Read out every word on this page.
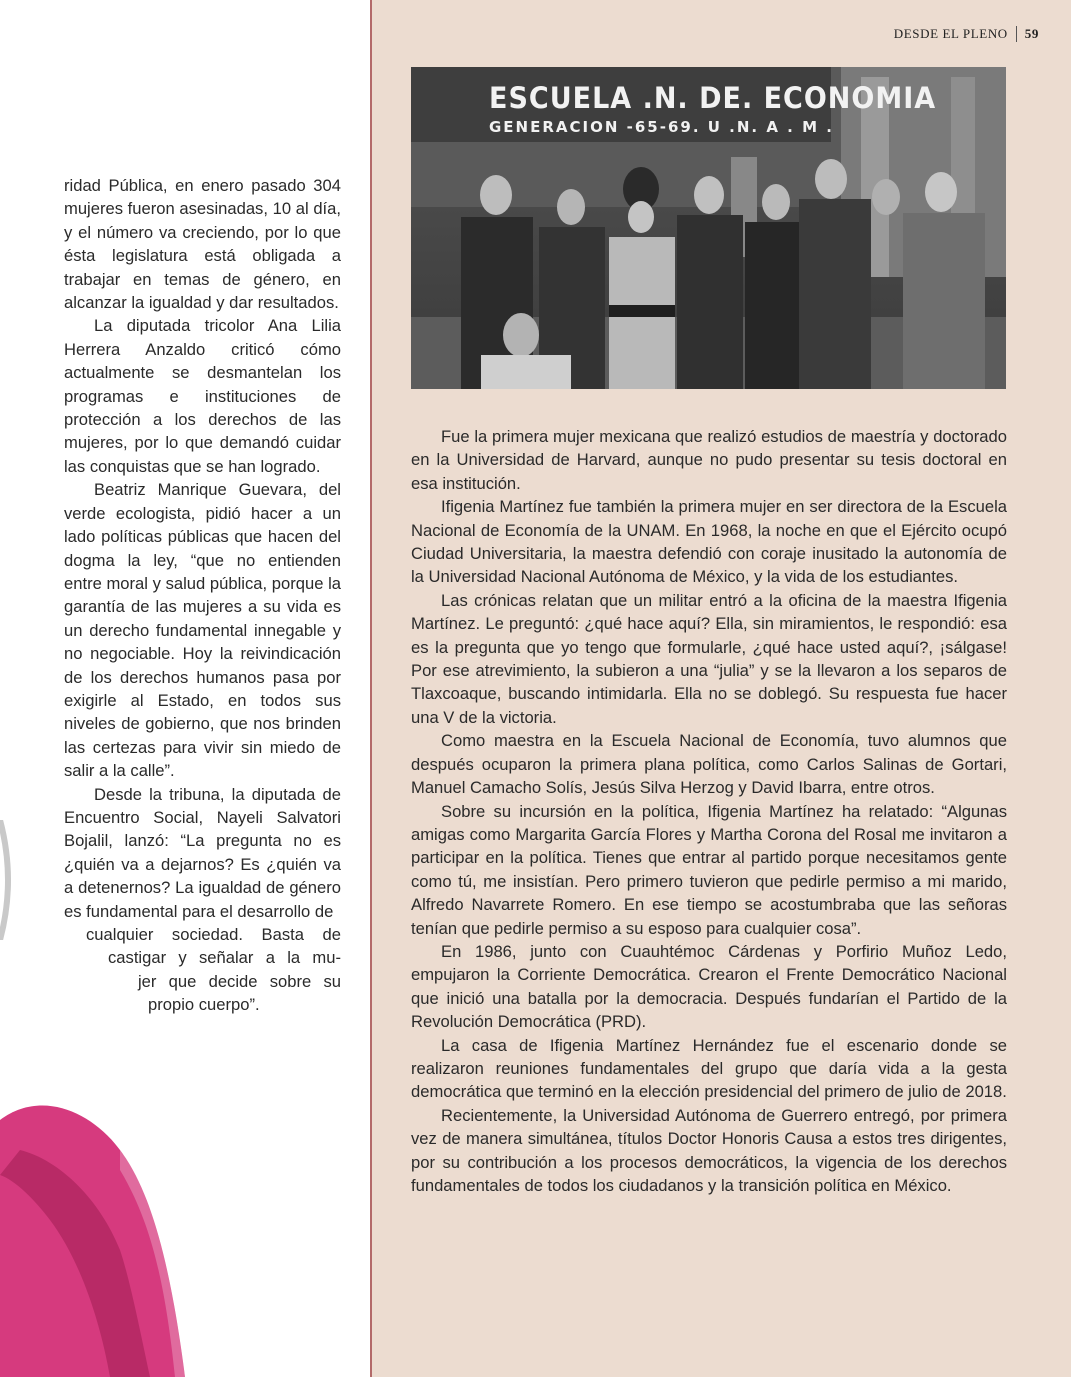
DESDE EL PLENO 59
ESCUELA .N. DE. ECONOMIA
GENERACION -65-69. U .N. A . M .

ridad Pública, en enero pasado 304 mujeres fueron asesinadas, 10 al día, y el número va creciendo, por lo que ésta legislatura está obligada a trabajar en temas de género, en alcanzar la igualdad y dar resultados.

La diputada tricolor Ana Lilia Herrera Anzaldo criticó cómo actualmente se desmantelan los programas e instituciones de protección a los derechos de las mujeres, por lo que demandó cuidar las conquistas que se han logrado.

Beatriz Manrique Guevara, del verde ecologista, pidió hacer a un lado políticas públicas que hacen del dogma la ley, “que no entienden entre moral y salud pública, porque la garantía de las mujeres a su vida es un derecho fundamental innegable y no negociable. Hoy la reivindicación de los derechos humanos pasa por exigirle al Estado, en todos sus niveles de gobierno, que nos brinden las certezas para vivir sin miedo de salir a la calle”.

Desde la tribuna, la diputada de Encuentro Social, Nayeli Salvatori Bojalil, lanzó: “La pregunta no es ¿quién va a dejarnos? Es ¿quién va a detenernos? La igualdad de género es fundamental para el desarrollo de

cualquier sociedad. Basta de
castigar y señalar a la mu-
jer que decide sobre su
propio cuerpo”.

Fue la primera mujer mexicana que realizó estudios de maestría y doctorado en la Universidad de Harvard, aunque no pudo presentar su tesis doctoral en esa institución.

Ifigenia Martínez fue también la primera mujer en ser directora de la Escuela Nacional de Economía de la UNAM. En 1968, la noche en que el Ejército ocupó Ciudad Universitaria, la maestra defendió con coraje inusitado la autonomía de la Universidad Nacional Autónoma de México, y la vida de los estudiantes.

Las crónicas relatan que un militar entró a la oficina de la maestra Ifigenia Martínez. Le preguntó: ¿qué hace aquí? Ella, sin miramientos, le respondió: esa es la pregunta que yo tengo que formularle, ¿qué hace usted aquí?, ¡sálgase! Por ese atrevimiento, la subieron a una “julia” y se la llevaron a los separos de Tlaxcoaque, buscando intimidarla. Ella no se doblegó. Su respuesta fue hacer una V de la victoria.

Como maestra en la Escuela Nacional de Economía, tuvo alumnos que después ocuparon la primera plana política, como Carlos Salinas de Gortari, Manuel Camacho Solís, Jesús Silva Herzog y David Ibarra, entre otros.

Sobre su incursión en la política, Ifigenia Martínez ha relatado: “Algunas amigas como Margarita García Flores y Martha Corona del Rosal me invitaron a participar en la política. Tienes que entrar al partido porque necesitamos gente como tú, me insistían. Pero primero tuvieron que pedirle permiso a mi marido, Alfredo Navarrete Romero. En ese tiempo se acostumbraba que las señoras tenían que pedirle permiso a su esposo para cualquier cosa”.

En 1986, junto con Cuauhtémoc Cárdenas y Porfirio Muñoz Ledo, empujaron la Corriente Democrática. Crearon el Frente Democrático Nacional que inició una batalla por la democracia. Después fundarían el Partido de la Revolución Democrática (PRD).

La casa de Ifigenia Martínez Hernández fue el escenario donde se realizaron reuniones fundamentales del grupo que daría vida a la gesta democrática que terminó en la elección presidencial del primero de julio de 2018.

Recientemente, la Universidad Autónoma de Guerrero entregó, por primera vez de manera simultánea, títulos Doctor Honoris Causa a estos tres dirigentes, por su contribución a los procesos democráticos, la vigencia de los derechos fundamentales de todos los ciudadanos y la transición política en México.
